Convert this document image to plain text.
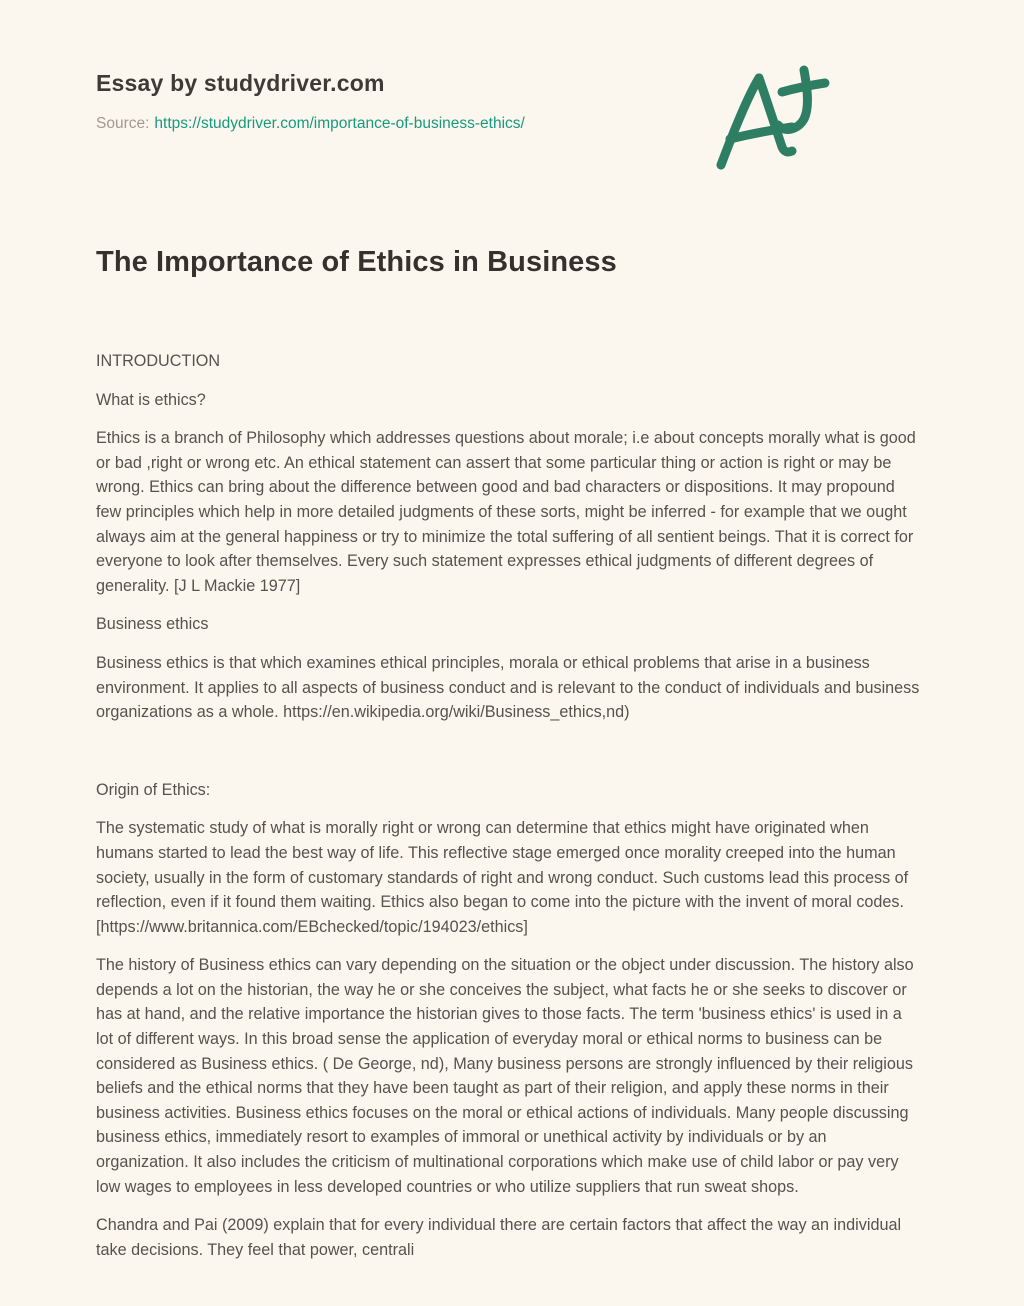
Essay by studydriver.com

Source: https://studydriver.com/importance-of-business-ethics/

The Importance of Ethics in Business

INTRODUCTION

What is ethics?

Ethics is a branch of Philosophy which addresses questions about morale; i.e about concepts morally what is good or bad ,right or wrong etc. An ethical statement can assert that some particular thing or action is right or may be wrong. Ethics can bring about the difference between good and bad characters or dispositions. It may propound few principles which help in more detailed judgments of these sorts, might be inferred - for example that we ought always aim at the general happiness or try to minimize the total suffering of all sentient beings. That it is correct for everyone to look after themselves. Every such statement expresses ethical judgments of different degrees of generality. [J L Mackie 1977]

Business ethics

Business ethics is that which examines ethical principles, morala or ethical problems that arise in a business environment. It applies to all aspects of business conduct and is relevant to the conduct of individuals and business organizations as a whole. https://en.wikipedia.org/wiki/Business_ethics,nd)

Origin of Ethics:

The systematic study of what is morally right or wrong can determine that ethics might have originated when humans started to lead the best way of life. This reflective stage emerged once morality creeped into the human society, usually in the form of customary standards of right and wrong conduct. Such customs lead this process of reflection, even if it found them waiting. Ethics also began to come into the picture with the invent of moral codes. [https://www.britannica.com/EBchecked/topic/194023/ethics]

The history of Business ethics can vary depending on the situation or the object under discussion. The history also depends a lot on the historian, the way he or she conceives the subject, what facts he or she seeks to discover or has at hand, and the relative importance the historian gives to those facts. The term 'business ethics' is used in a lot of different ways. In this broad sense the application of everyday moral or ethical norms to business can be considered as Business ethics. ( De George, nd), Many business persons are strongly influenced by their religious beliefs and the ethical norms that they have been taught as part of their religion, and apply these norms in their business activities. Business ethics focuses on the moral or ethical actions of individuals. Many people discussing business ethics, immediately resort to examples of immoral or unethical activity by individuals or by an organization. It also includes the criticism of multinational corporations which make use of child labor or pay very low wages to employees in less developed countries or who utilize suppliers that run sweat shops.

Chandra and Pai (2009) explain that for every individual there are certain factors that affect the way an individual take decisions. They feel that power, centrali
